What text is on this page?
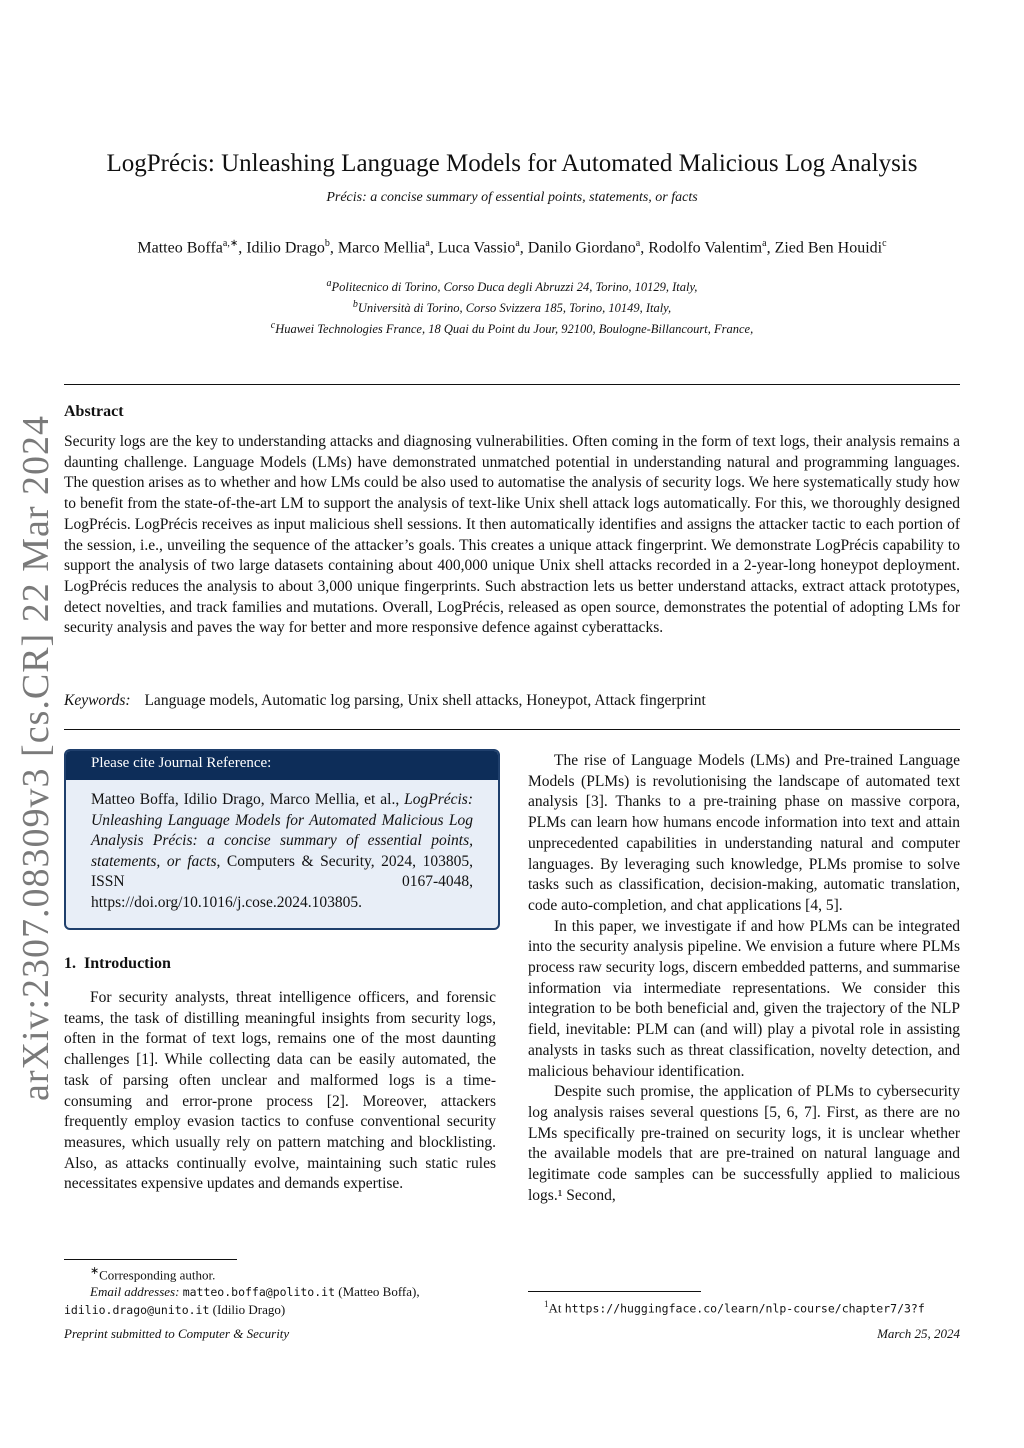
arXiv:2307.08309v3 [cs.CR] 22 Mar 2024
LogPrécis: Unleashing Language Models for Automated Malicious Log Analysis
Précis: a concise summary of essential points, statements, or facts
Matteo Boffa$^{a,∗}$, Idilio Drago$^b$, Marco Mellia$^a$, Luca Vassio$^a$, Danilo Giordano$^a$, Rodolfo Valentim$^a$, Zied Ben Houidi$^c$
$^a$Politecnico di Torino, Corso Duca degli Abruzzi 24, Torino, 10129, Italy,
$^b$Università di Torino, Corso Svizzera 185, Torino, 10149, Italy,
$^c$Huawei Technologies France, 18 Quai du Point du Jour, 92100, Boulogne-Billancourt, France,
Abstract
Security logs are the key to understanding attacks and diagnosing vulnerabilities. Often coming in the form of text logs, their analysis remains a daunting challenge. Language Models (LMs) have demonstrated unmatched potential in understanding natural and programming languages. The question arises as to whether and how LMs could be also used to automatise the analysis of security logs. We here systematically study how to benefit from the state-of-the-art LM to support the analysis of text-like Unix shell attack logs automatically. For this, we thoroughly designed LogPrécis. LogPrécis receives as input malicious shell sessions. It then automatically identifies and assigns the attacker tactic to each portion of the session, i.e., unveiling the sequence of the attacker’s goals. This creates a unique attack fingerprint. We demonstrate LogPrécis capability to support the analysis of two large datasets containing about 400,000 unique Unix shell attacks recorded in a 2-year-long honeypot deployment. LogPrécis reduces the analysis to about 3,000 unique fingerprints. Such abstraction lets us better understand attacks, extract attack prototypes, detect novelties, and track families and mutations. Overall, LogPrécis, released as open source, demonstrates the potential of adopting LMs for security analysis and paves the way for better and more responsive defence against cyberattacks.
Keywords: Language models, Automatic log parsing, Unix shell attacks, Honeypot, Attack fingerprint
Please cite Journal Reference:
Matteo Boffa, Idilio Drago, Marco Mellia, et al., LogPrécis: Unleashing Language Models for Automated Malicious Log Analysis Précis: a concise summary of essential points, statements, or facts, Computers & Security, 2024, 103805, ISSN 0167-4048, https://doi.org/10.1016/j.cose.2024.103805.
1. Introduction

For security analysts, threat intelligence officers, and forensic teams, the task of distilling meaningful insights from security logs, often in the format of text logs, remains one of the most daunting challenges [1]. While collecting data can be easily automated, the task of parsing often unclear and malformed logs is a time-consuming and error-prone process [2]. Moreover, attackers frequently employ evasion tactics to confuse conventional security measures, which usually rely on pattern matching and blocklisting. Also, as attacks continually evolve, maintaining such static rules necessitates expensive updates and demands expertise.

The rise of Language Models (LMs) and Pre-trained Language Models (PLMs) is revolutionising the landscape of automated text analysis [3]. Thanks to a pre-training phase on massive corpora, PLMs can learn how humans encode information into text and attain unprecedented capabilities in understanding natural and computer languages. By leveraging such knowledge, PLMs promise to solve tasks such as classification, decision-making, automatic translation, code auto-completion, and chat applications [4, 5].

In this paper, we investigate if and how PLMs can be integrated into the security analysis pipeline. We envision a future where PLMs process raw security logs, discern embedded patterns, and summarise information via intermediate representations. We consider this integration to be both beneficial and, given the trajectory of the NLP field, inevitable: PLM can (and will) play a pivotal role in assisting analysts in tasks such as threat classification, novelty detection, and malicious behaviour identification.

Despite such promise, the application of PLMs to cybersecurity log analysis raises several questions [5, 6, 7]. First, as there are no LMs specifically pre-trained on security logs, it is unclear whether the available models that are pre-trained on natural language and legitimate code samples can be successfully applied to malicious logs.¹ Second,

∗Corresponding author.
Email addresses: matteo.boffa@polito.it (Matteo Boffa),
idilio.drago@unito.it (Idilio Drago)	$^1$At https://huggingface.co/learn/nlp-course/chapter7/3?f
Preprint submitted to Computer & Security	March 25, 2024
